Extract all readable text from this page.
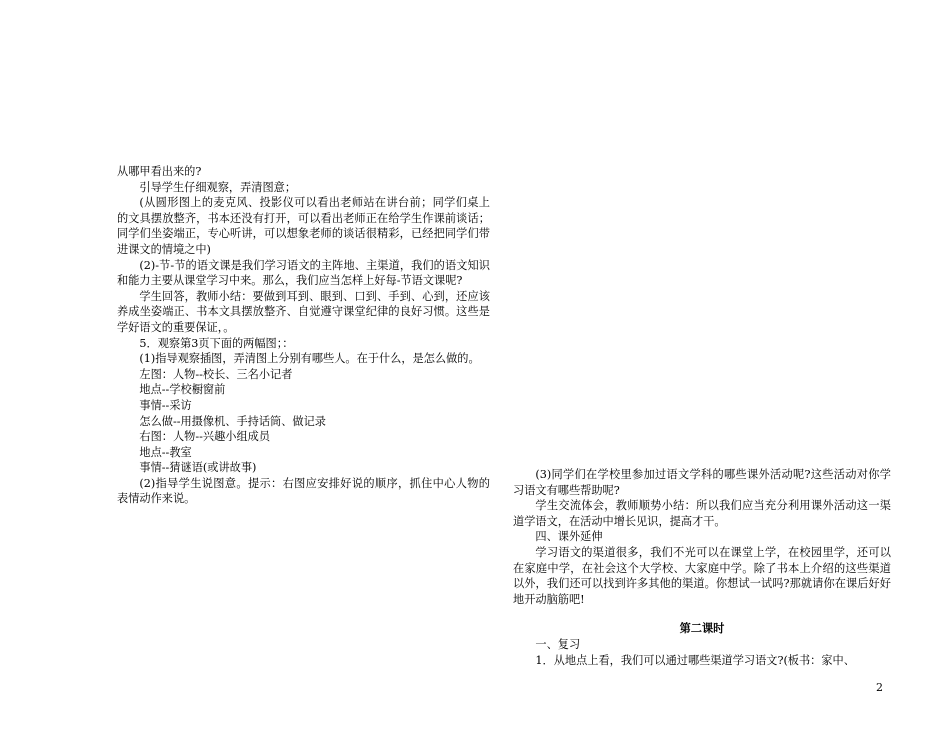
从哪甲看出来的?

引导学生仔细观察，弄清图意；

(从圆形图上的麦克风、投影仪可以看出老师站在讲台前；同学们桌上的文具摆放整齐，书本还没有打开，可以看出老师正在给学生作课前谈话；同学们坐姿端正，专心听讲，可以想象老师的谈话很精彩，已经把同学们带进课文的情境之中)

(2)-节-节的语文课是我们学习语文的主阵地、主渠道，我们的语文知识和能力主要从课堂学习中来。那么，我们应当怎样上好每-节语文课呢?

学生回答，教师小结：要做到耳到、眼到、口到、手到、心到，还应该养成坐姿端正、书本文具摆放整齐、自觉遵守课堂纪律的良好习惯。这些是学好语文的重要保证，。

5．观察第3页下面的两幅图；：

(1)指导观察插图，弄清图上分别有哪些人。在于什么，是怎么做的。

左图：人物--校长、三名小记者

地点--学校橱窗前

事情--采访

怎么做--用摄像机、手持话筒、做记录

右图：人物--兴趣小组成员

地点--教室

事情--猜谜语(或讲故事)

(2)指导学生说图意。提示：右图应安排好说的顺序，抓住中心人物的表情动作来说。

(3)同学们在学校里参加过语文学科的哪些课外活动呢?这些活动对你学习语文有哪些帮助呢?

学生交流体会，教师顺势小结：所以我们应当充分利用课外活动这一渠道学语文，在活动中增长见识，提高才干。

四、课外延伸

学习语文的渠道很多，我们不光可以在课堂上学，在校园里学，还可以在家庭中学，在社会这个大学校、大家庭中学。除了书本上介绍的这些渠道以外，我们还可以找到许多其他的渠道。你想试一试吗?那就请你在课后好好地开动脑筋吧!

第二课时

一、复习

1．从地点上看，我们可以通过哪些渠道学习语文?(板书：家中、

2
